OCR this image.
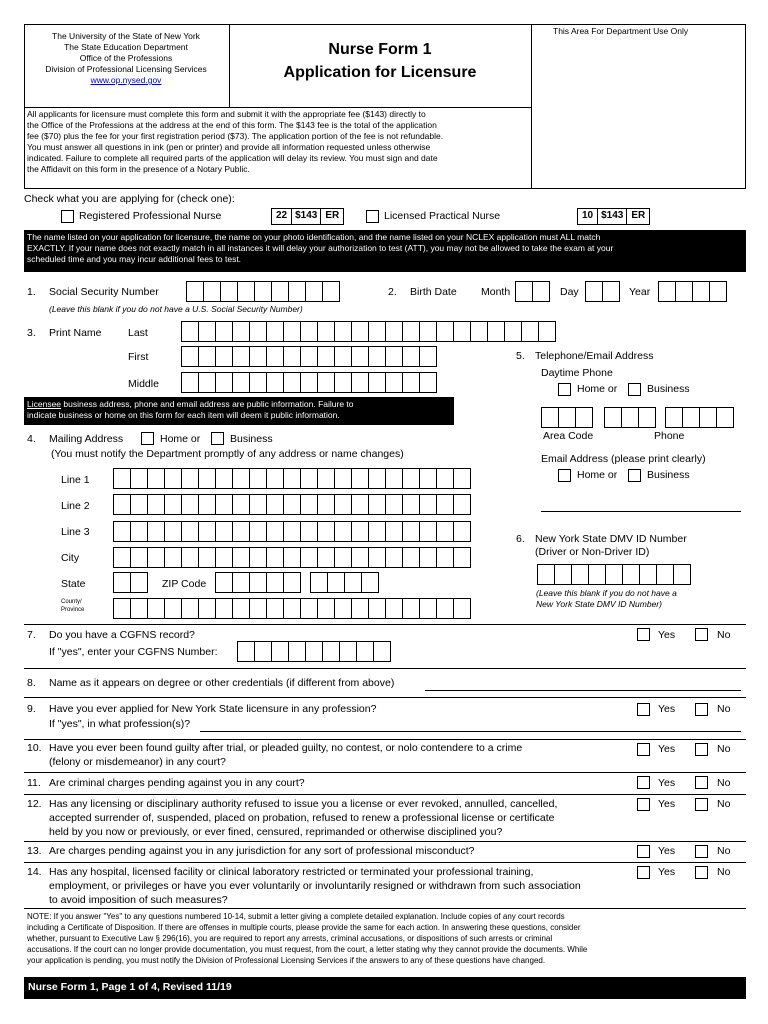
The University of the State of New York
The State Education Department
Office of the Professions
Division of Professional Licensing Services
www.op.nysed.gov
Nurse Form 1
Application for Licensure
This Area For Department Use Only
All applicants for licensure must complete this form and submit it with the appropriate fee ($143) directly to
the Office of the Professions at the address at the end of this form. The $143 fee is the total of the application
fee ($70) plus the fee for your first registration period ($73). The application portion of the fee is not refundable.
You must answer all questions in ink (pen or printer) and provide all information requested unless otherwise
indicated. Failure to complete all required parts of the application will delay its review. You must sign and date
the Affidavit on this form in the presence of a Notary Public.
Check what you are applying for (check one):
Registered Professional Nurse	22 $143 ER	Licensed Practical Nurse	10 $143 ER
The name listed on your application for licensure, the name on your photo identification, and the name listed on your NCLEX application must ALL match
EXACTLY. If your name does not exactly match in all instances it will delay your authorization to test (ATT), you may not be allowed to take the exam at your
scheduled time and you may incur additional fees to test.
1. Social Security Number
(Leave this blank if you do not have a U.S. Social Security Number)
2. Birth Date Month	Day	Year
3. Print Name	Last
First
Middle
5. Telephone/Email Address
Daytime Phone
Home or	Business
Area Code	Phone
Email Address (please print clearly)
Home or	Business
Licensee business address, phone and email address are public information. Failure to
indicate business or home on this form for each item will deem it public information.
4. Mailing Address	Home or	Business
(You must notify the Department promptly of any address or name changes)
Line 1
Line 2
Line 3
City
State	ZIP Code
County/
Province
6. New York State DMV ID Number
(Driver or Non-Driver ID)
(Leave this blank if you do not have a
New York State DMV ID Number)
7. Do you have a CGFNS record?
If "yes", enter your CGFNS Number:
Yes	No
8. Name as it appears on degree or other credentials (if different from above)
9. Have you ever applied for New York State licensure in any profession?
If "yes", in what profession(s)?
Yes	No
10. Have you ever been found guilty after trial, or pleaded guilty, no contest, or nolo contendere to a crime
(felony or misdemeanor) in any court?
Yes	No
11. Are criminal charges pending against you in any court?	Yes	No
12. Has any licensing or disciplinary authority refused to issue you a license or ever revoked, annulled, cancelled,
accepted surrender of, suspended, placed on probation, refused to renew a professional license or certificate
held by you now or previously, or ever fined, censured, reprimanded or otherwise disciplined you?
Yes	No
13. Are charges pending against you in any jurisdiction for any sort of professional misconduct?	Yes	No
14. Has any hospital, licensed facility or clinical laboratory restricted or terminated your professional training,
employment, or privileges or have you ever voluntarily or involuntarily resigned or withdrawn from such association
to avoid imposition of such measures?
Yes	No
NOTE: If you answer "Yes" to any questions numbered 10-14, submit a letter giving a complete detailed explanation. Include copies of any court records
including a Certificate of Disposition. If there are offenses in multiple courts, please provide the same for each action. In answering these questions, consider
whether, pursuant to Executive Law § 296(16), you are required to report any arrests, criminal accusations, or dispositions of such arrests or criminal
accusations. If the court can no longer provide documentation, you must request, from the court, a letter stating why they cannot provide the documents. While
your application is pending, you must notify the Division of Professional Licensing Services if the answers to any of these questions have changed.
Nurse Form 1, Page 1 of 4, Revised 11/19
